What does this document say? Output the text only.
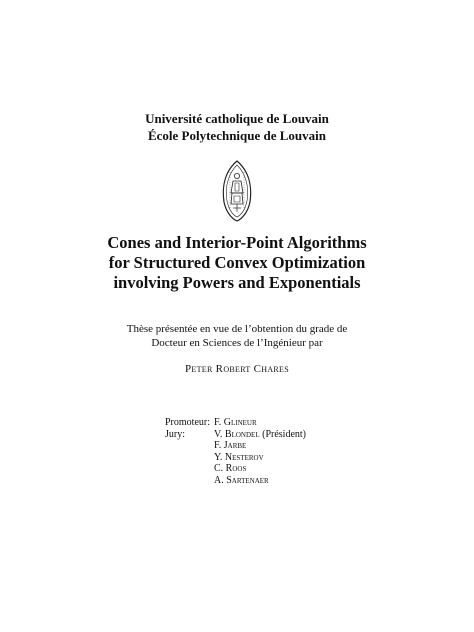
Université catholique de Louvain
École Polytechnique de Louvain
Cones and Interior-Point Algorithms
for Structured Convex Optimization
involving Powers and Exponentials
Thèse présentée en vue de l’obtention du grade de
Docteur en Sciences de l’Ingénieur par
Peter Robert Chares
Promoteur: F. Glineur
Jury:	V. Blondel (Président)
F. Jarbe
Y. Nesterov
C. Roos
A. Sartenaer
